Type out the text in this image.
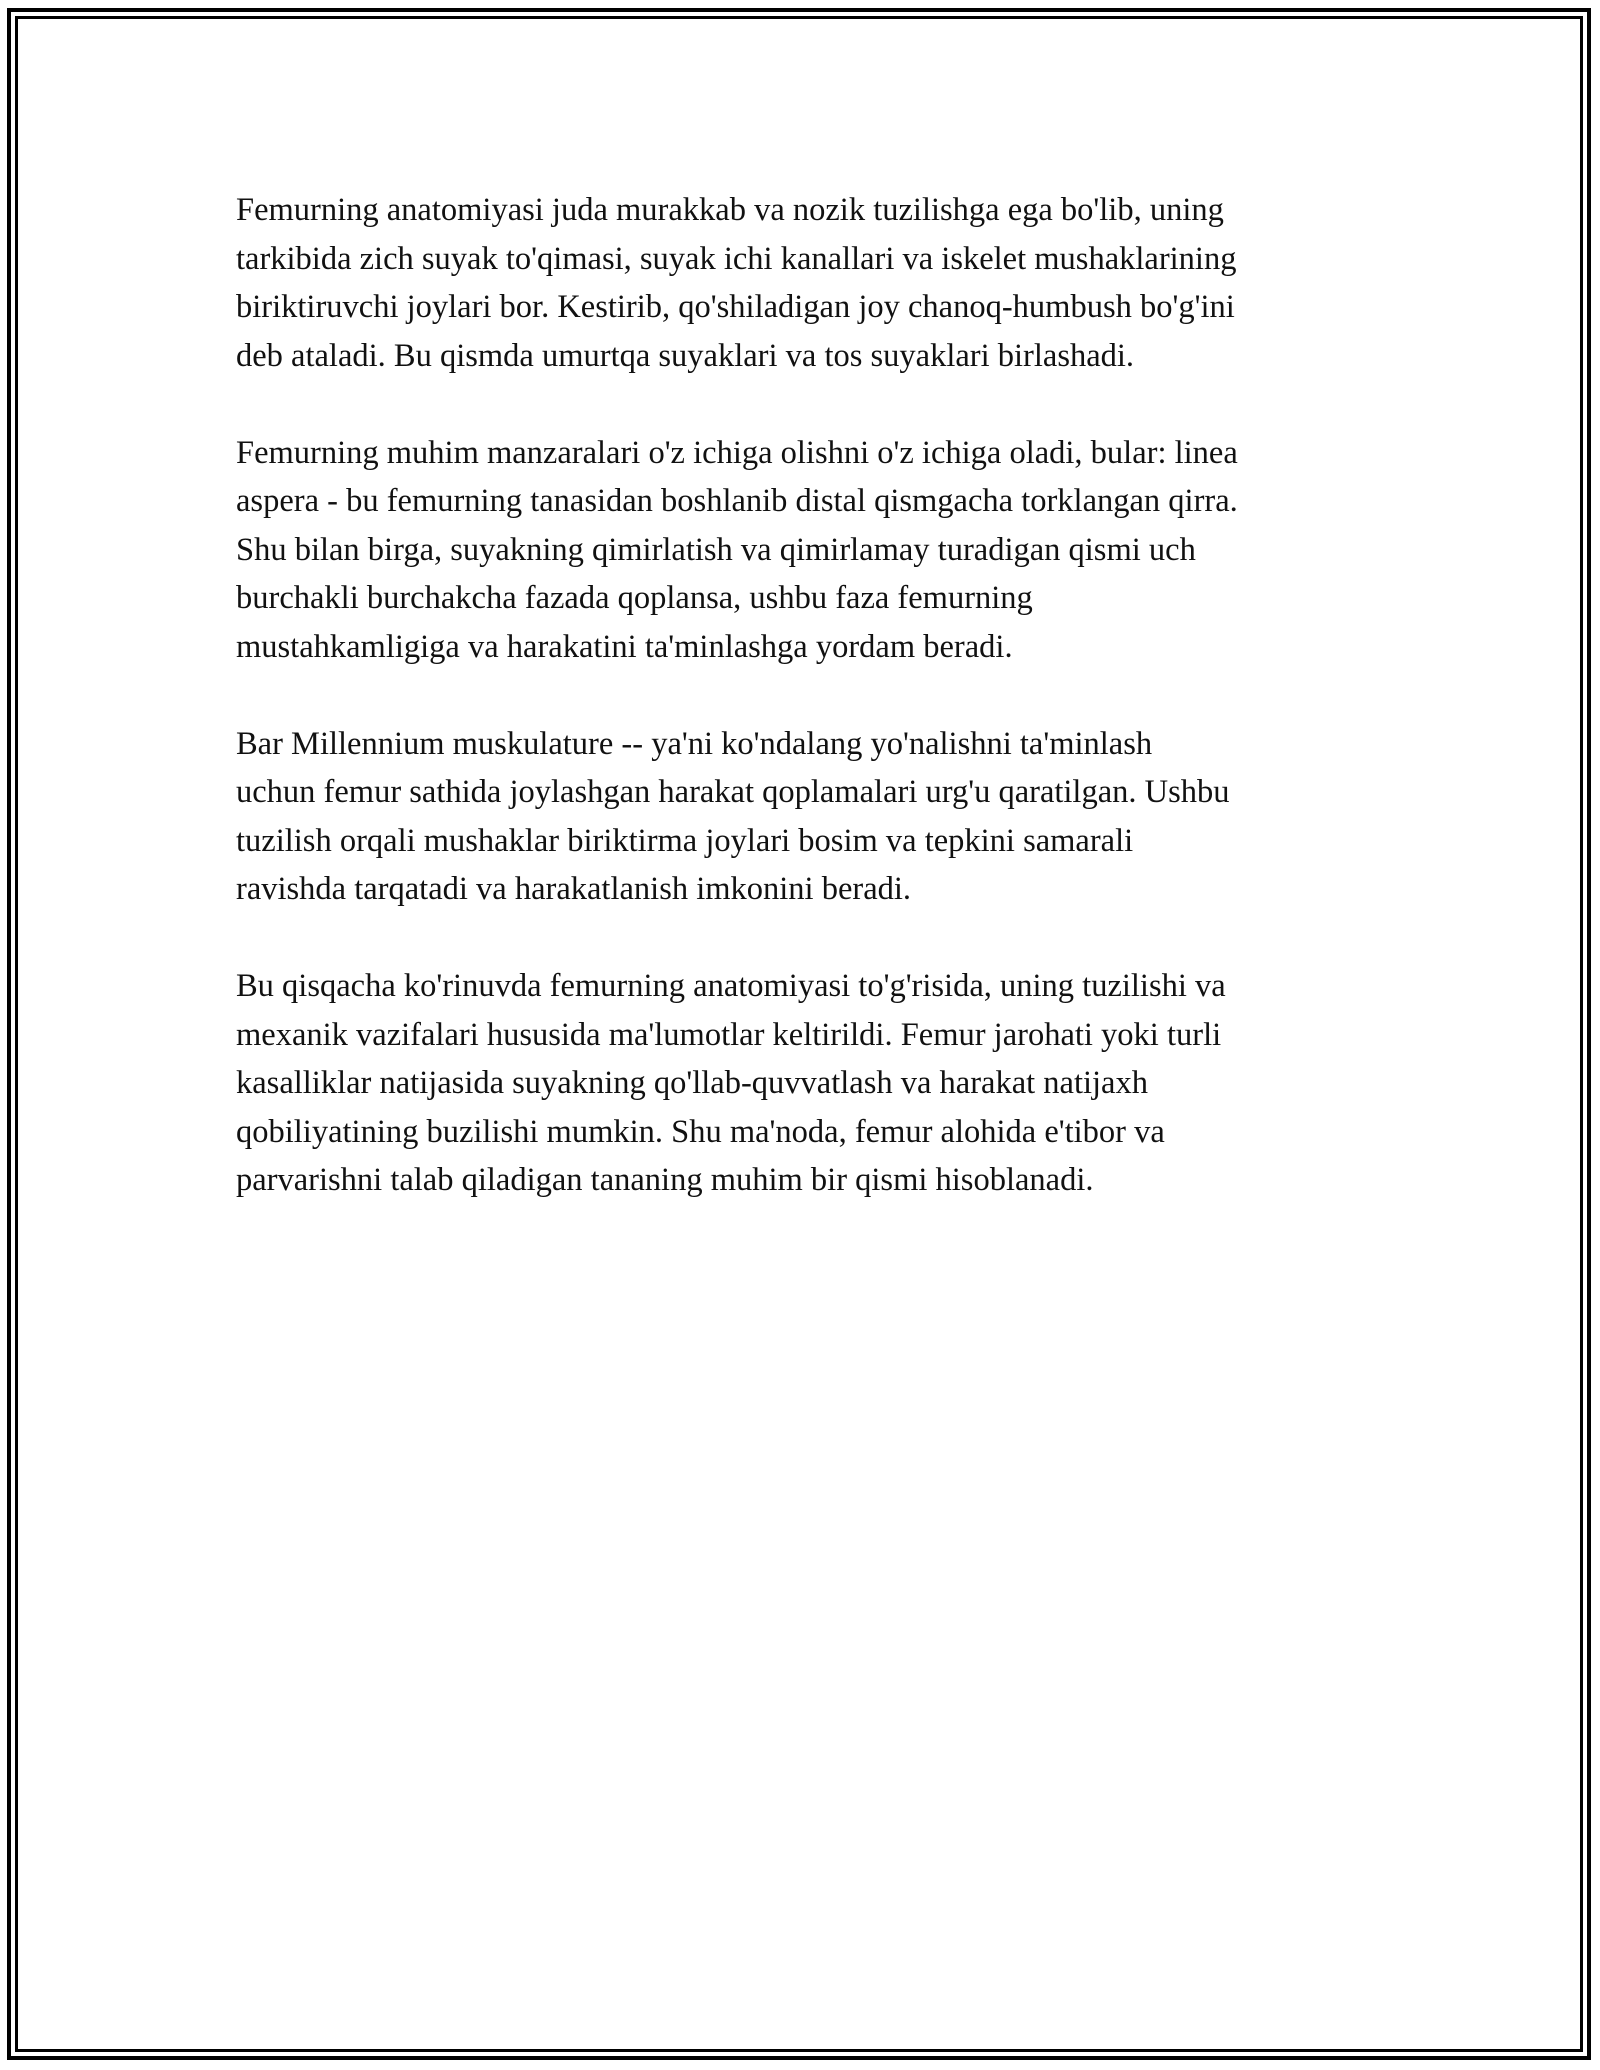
Femurning anatomiyasi juda murakkab va nozik tuzilishga ega bo'lib, uning
tarkibida zich suyak to'qimasi, suyak ichi kanallari va iskelet mushaklarining
biriktiruvchi joylari bor. Kestirib, qo'shiladigan joy chanoq-humbush bo'g'ini
deb ataladi. Bu qismda umurtqa suyaklari va tos suyaklari birlashadi.

Femurning muhim manzaralari o'z ichiga olishni o'z ichiga oladi, bular: linea
aspera - bu femurning tanasidan boshlanib distal qismgacha torklangan qirra.
Shu bilan birga, suyakning qimirlatish va qimirlamay turadigan qismi uch
burchakli burchakcha fazada qoplansa, ushbu faza femurning
mustahkamligiga va harakatini ta'minlashga yordam beradi.

Bar Millennium muskulature -- ya'ni ko'ndalang yo'nalishni ta'minlash
uchun femur sathida joylashgan harakat qoplamalari urg'u qaratilgan. Ushbu
tuzilish orqali mushaklar biriktirma joylari bosim va tepkini samarali
ravishda tarqatadi va harakatlanish imkonini beradi.

Bu qisqacha ko'rinuvda femurning anatomiyasi to'g'risida, uning tuzilishi va
mexanik vazifalari hususida ma'lumotlar keltirildi. Femur jarohati yoki turli
kasalliklar natijasida suyakning qo'llab-quvvatlash va harakat natijaxh
qobiliyatining buzilishi mumkin. Shu ma'noda, femur alohida e'tibor va
parvarishni talab qiladigan tananing muhim bir qismi hisoblanadi.
